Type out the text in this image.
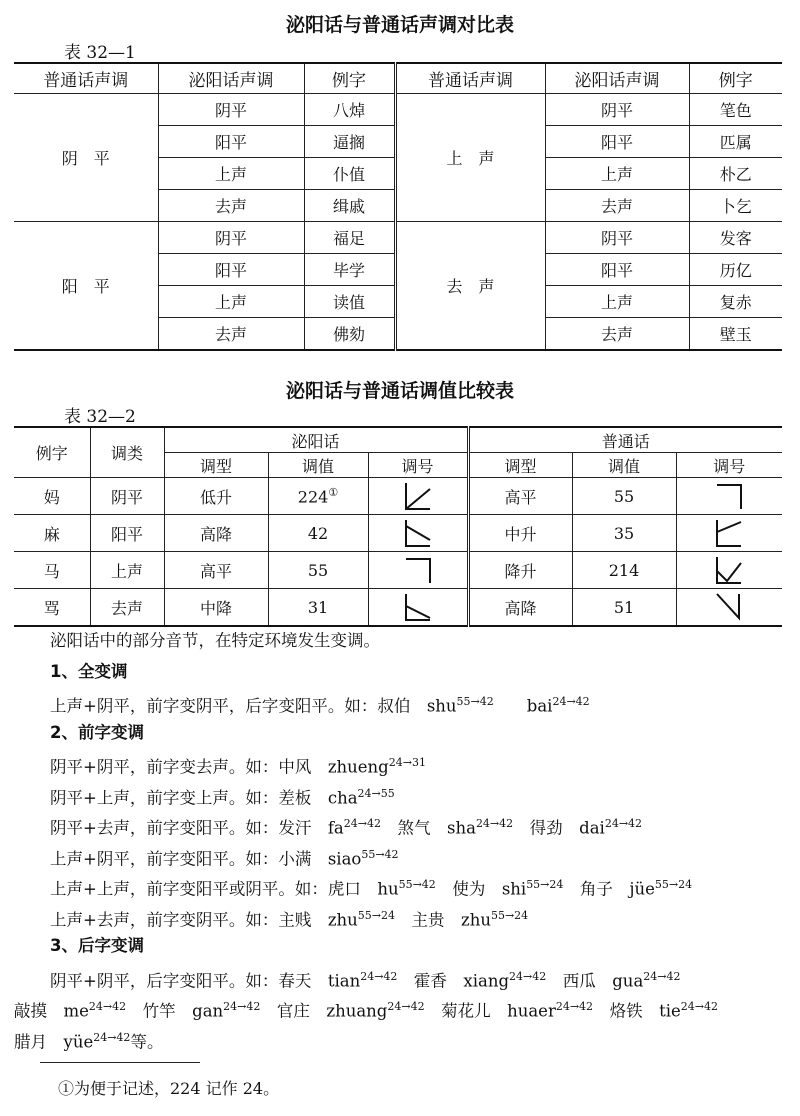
泌阳话与普通话声调对比表
表 32—1
普通话声调	泌阳话声调	例字	普通话声调	泌阳话声调	例字
阴　平	阴平	八焯	上　声	阴平	笔色
	阳平	逼搁		阳平	匹属
	上声	仆值		上声	朴乙
	去声	缉戚		去声	卜乞
阳　平	阴平	福足	去　声	阴平	发客
	阳平	毕学		阳平	历亿
	上声	读值		上声	复赤
	去声	佛劾		去声	壁玉
泌阳话与普通话调值比较表
表 32—2
例字	调类	泌阳话			普通话		
		调型	调值	调号	调型	调值	调号
妈	阴平	低升	224①		高平	55	

麻	阳平	高降	42		中升	35	

马	上声	高平	55		降升	214	

骂	去声	中降	31		高降	51	
泌阳话中的部分音节，在特定环境发生变调。
1、全变调
上声+阴平，前字变阴平，后字变阳平。如：叔伯　shu$^{55\to 42}$　　bai$^{24\to 42}$
2、前字变调
阴平+阴平，前字变去声。如：中风　zhueng$^{24\to 31}$
阴平+上声，前字变上声。如：差板　cha$^{24\to 55}$
阴平+去声，前字变阳平。如：发汗　$fa^{24\to 42}$　煞气　sha$^{24\to 42}$　得劲　dai$^{24\to 42}$
上声+阴平，前字变阳平。如：小满　siao$^{55\to 42}$
上声+上声，前字变阳平或阴平。如：虎口　$hu^{55\to 42}$　使为　shi$^{55\to 24}$　角子　jüe$^{55\to 24}$
上声+去声，前字变阴平。如：主贱　zhu$^{55\to 24}$　主贵　zhu$^{55\to 24}$
3、后字变调
阴平+阴平，后字变阳平。如：春天　tian$^{24\to 42}$　霍香　xiang$^{24\to 42}$　西瓜　gua$^{24\to 42}$
敲摸　$me^{24\to 42}$　竹竿　gan$^{24\to 42}$　官庄　zhuang$^{24\to 42}$　菊花儿　huaer$^{24\to 42}$　烙铁　tie$^{24\to 42}$
腊月　yüe$^{24\to 42}$等。
①为便于记述，224 记作 24。
